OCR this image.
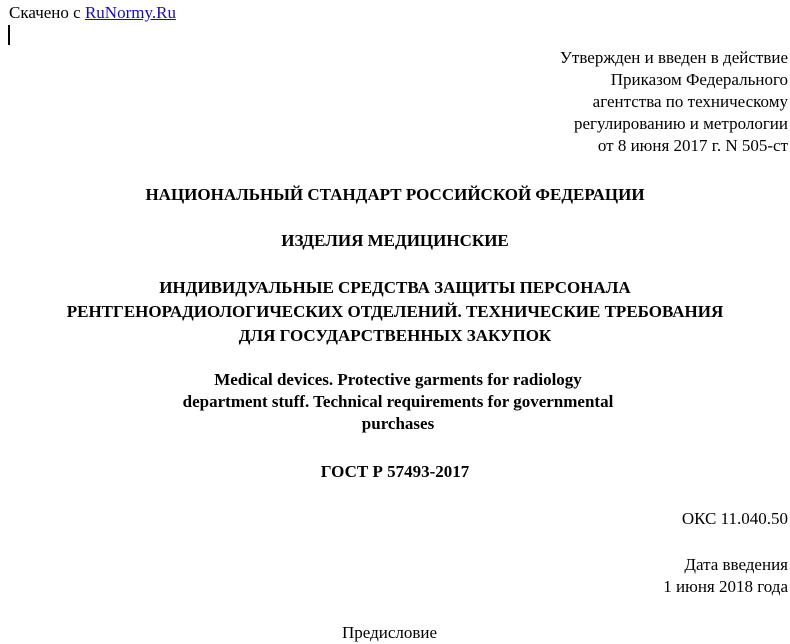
Скачено с RuNormy.Ru
Утвержден и введен в действие
Приказом Федерального
агентства по техническому
регулированию и метрологии
от 8 июня 2017 г. N 505-ст
НАЦИОНАЛЬНЫЙ СТАНДАРТ РОССИЙСКОЙ ФЕДЕРАЦИИ
ИЗДЕЛИЯ МЕДИЦИНСКИЕ
ИНДИВИДУАЛЬНЫЕ СРЕДСТВА ЗАЩИТЫ ПЕРСОНАЛА
РЕНТГЕНОРАДИОЛОГИЧЕСКИХ ОТДЕЛЕНИЙ. ТЕХНИЧЕСКИЕ ТРЕБОВАНИЯ
ДЛЯ ГОСУДАРСТВЕННЫХ ЗАКУПОК
Medical devices. Protective garments for radiology
department stuff. Technical requirements for governmental
purchases
ГОСТ Р 57493-2017
ОКС 11.040.50
Дата введения
1 июня 2018 года
Предисловие
